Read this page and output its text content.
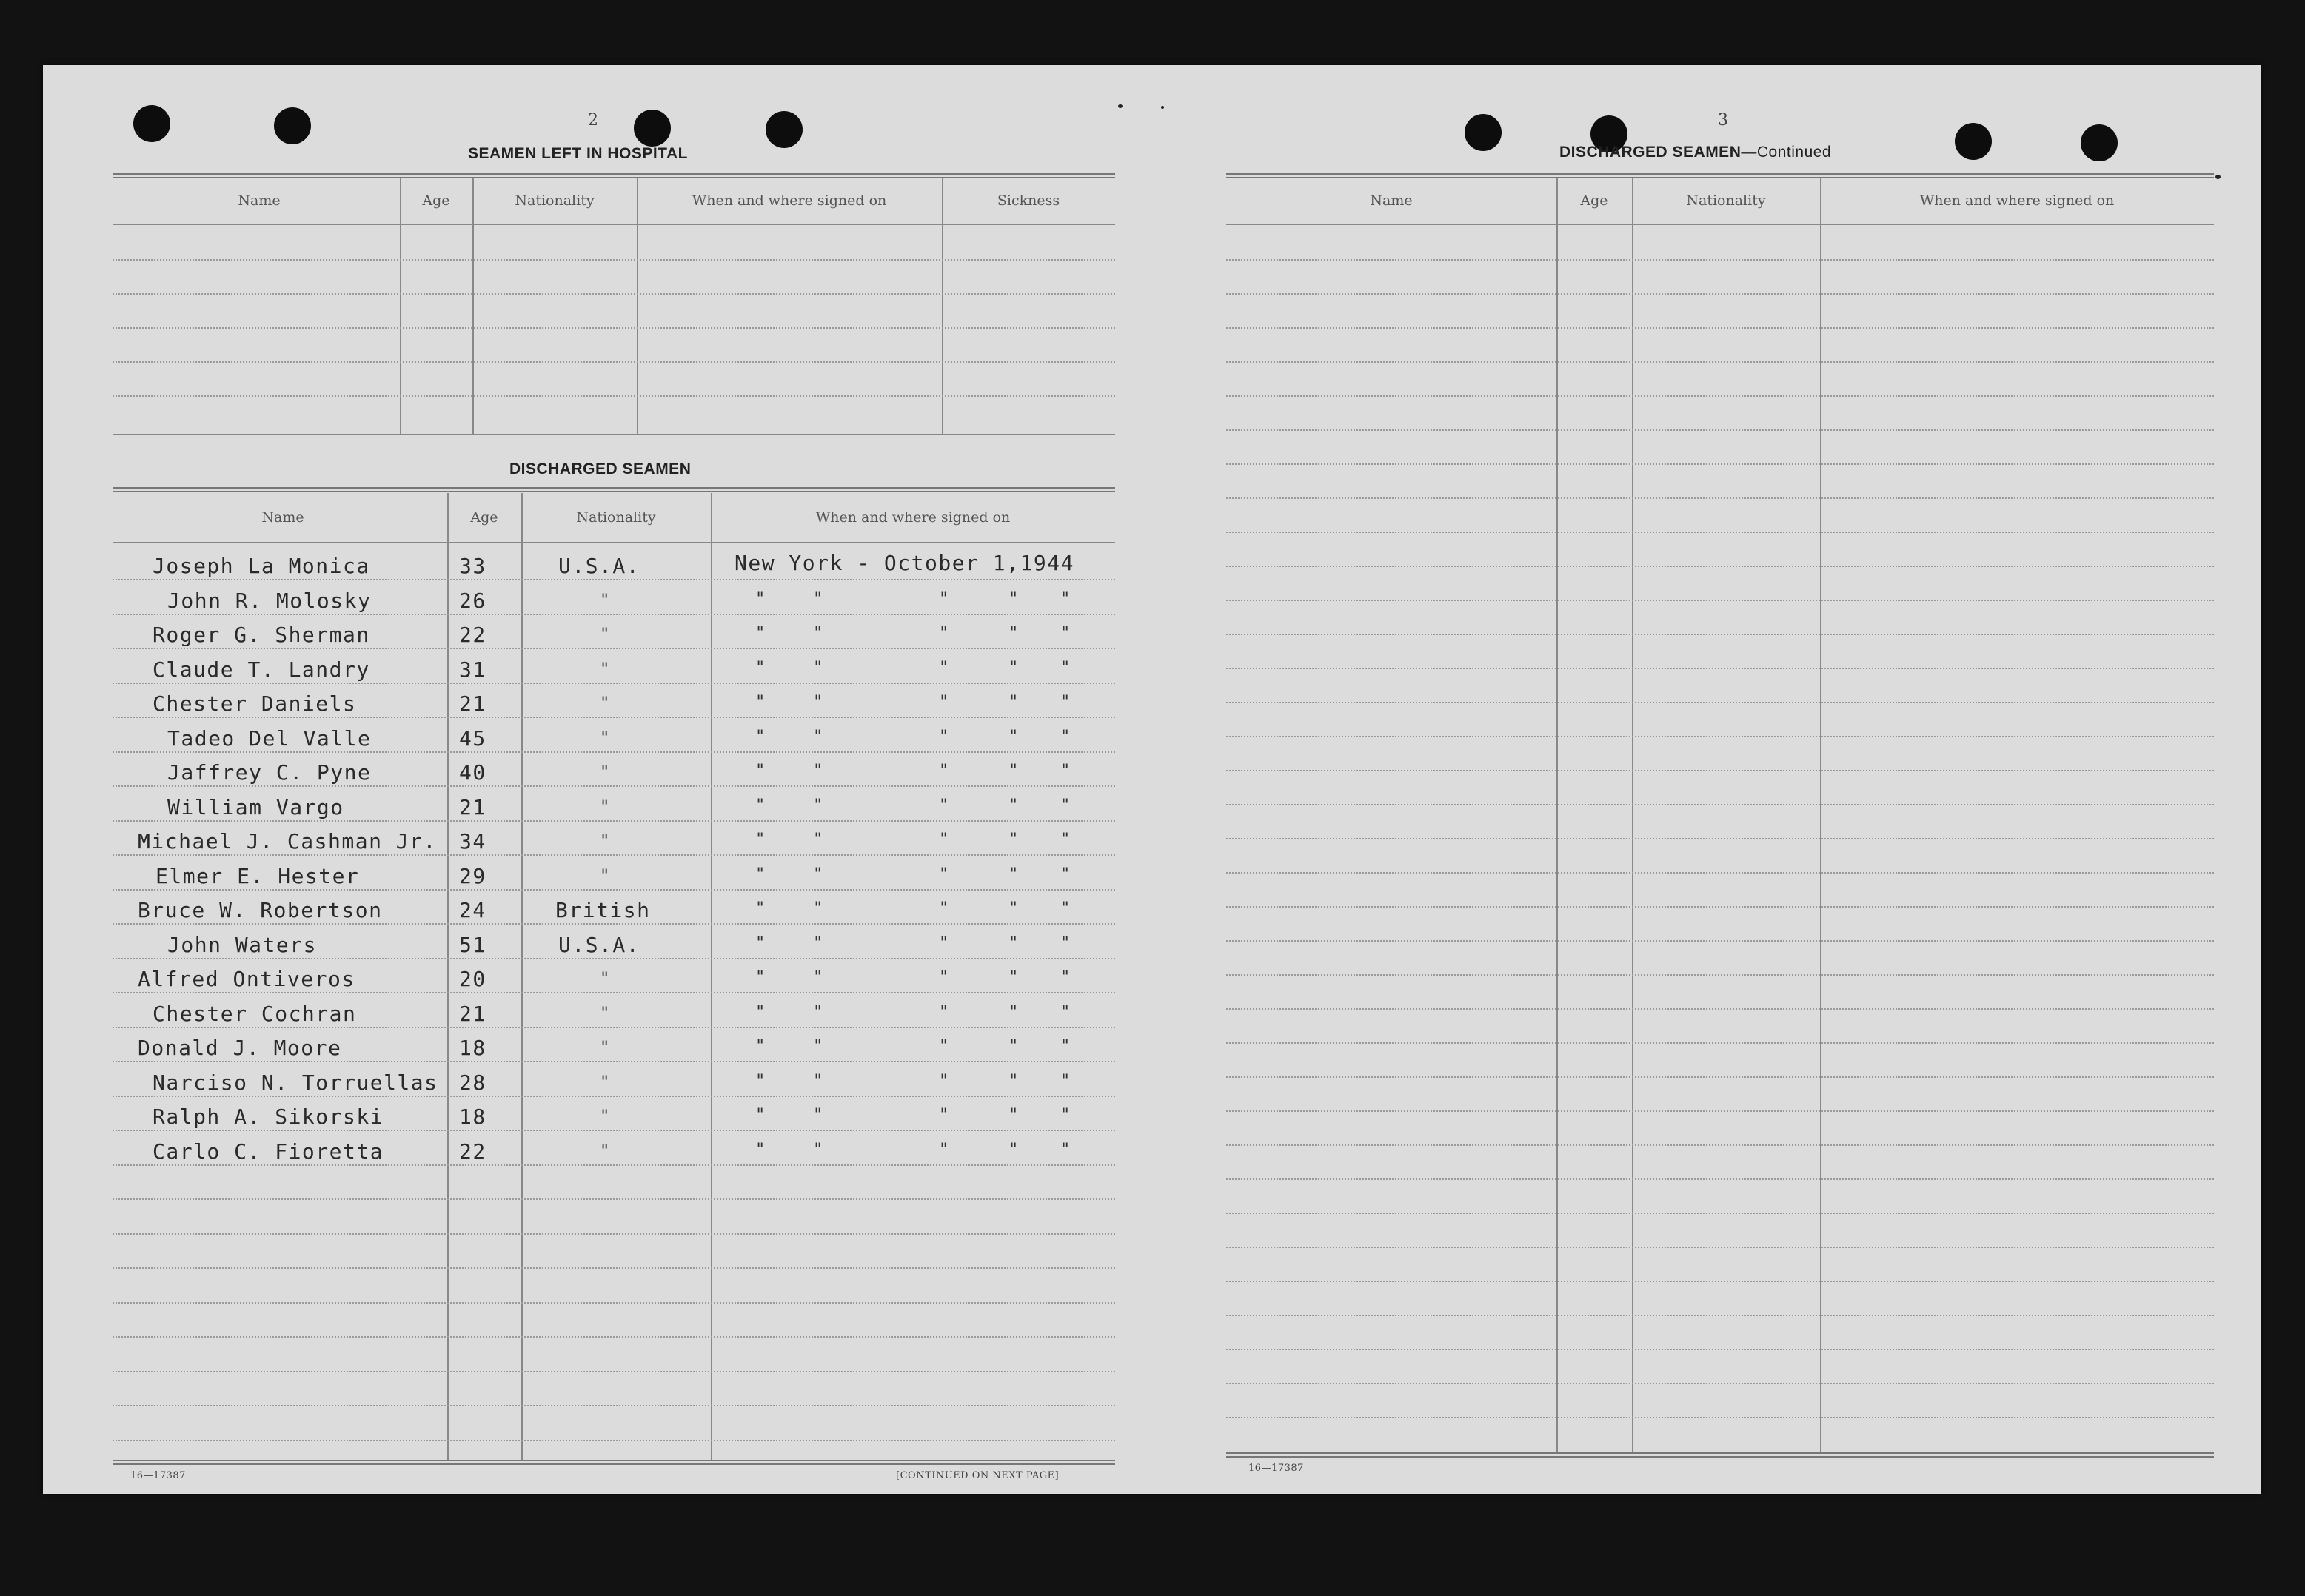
2
SEAMEN LEFT IN HOSPITAL
Name	Age	Nationality	When and where signed on	Sickness
DISCHARGED SEAMEN
Name	Age	Nationality	When and where signed on
Joseph La Monica	33	U.S.A.	New York - October 1,1944
John R. Molosky	26	"	"	"	"	"	"
Roger G. Sherman	22	"	"	"	"	"	"
Claude T. Landry	31	"	"	"	"	"	"
Chester Daniels	21	"	"	"	"	"	"
Tadeo Del Valle	45	"	"	"	"	"	"
Jaffrey C. Pyne	40	"	"	"	"	"	"
William Vargo	21	"	"	"	"	"	"
Michael J. Cashman Jr. 34	"	"	"	"	"	"
Elmer E. Hester	29	"	"	"	"	"	"
Bruce W. Robertson	24	British	"	"	"	"	"
John Waters	51	U.S.A.	"	"	"	"	"
Alfred Ontiveros	20	"	"	"	"	"	"
Chester Cochran	21	"	"	"	"	"	"
Donald J. Moore	18	"	"	"	"	"	"
Narciso N. Torruellas 28	"	"	"	"	"	"
Ralph A. Sikorski	18	"	"	"	"	"	"
Carlo C. Fioretta	22	"	"	"	"	"	"
16—17387	[CONTINUED ON NEXT PAGE]
3
DISCHARGED SEAMEN—Continued
Name	Age	Nationality	When and where signed on
16—17387
